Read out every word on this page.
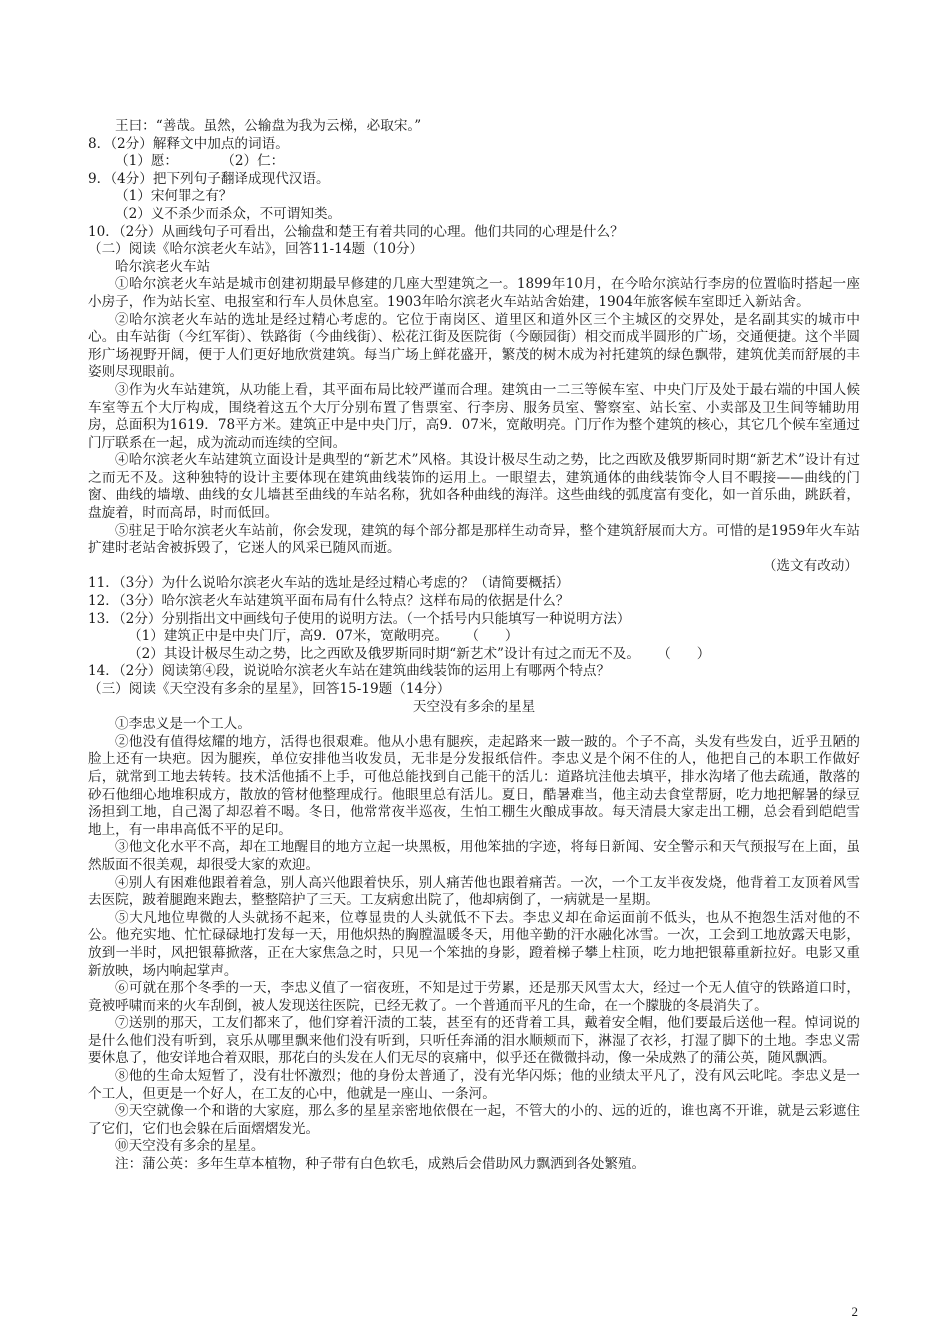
王曰：“善哉。虽然，公输盘为我为云梯，必取宋。”
8．（2分）解释文中加点的词语。
（1）愿：          （2）仁：
9．（4分）把下列句子翻译成现代汉语。
（1）宋何罪之有？
（2）义不杀少而杀众，不可谓知类。
10．（2分）从画线句子可看出，公输盘和楚王有着共同的心理。他们共同的心理是什么？
（二）阅读《哈尔滨老火车站》，回答11-14题（10分）
哈尔滨老火车站
①哈尔滨老火车站是城市创建初期最早修建的几座大型建筑之一。1899年10月，在今哈尔滨站行李房的位置临时搭起一座小房子，作为站长室、电报室和行车人员休息室。1903年哈尔滨老火车站站舍始建，1904年旅客候车室即迁入新站舍。
②哈尔滨老火车站的选址是经过精心考虑的。它位于南岗区、道里区和道外区三个主城区的交界处，是名副其实的城市中心。由车站街（今红军街）、铁路街（今曲线街）、松花江街及医院街（今颐园街）相交而成半圆形的广场，交通便捷。这个半圆形广场视野开阔，便于人们更好地欣赏建筑。每当广场上鲜花盛开，繁茂的树木成为衬托建筑的绿色飘带，建筑优美而舒展的丰姿则尽现眼前。
③作为火车站建筑，从功能上看，其平面布局比较严谨而合理。建筑由一二三等候车室、中央门厅及处于最右端的中国人候车室等五个大厅构成，围绕着这五个大厅分别布置了售票室、行李房、服务员室、警察室、站长室、小卖部及卫生间等辅助用房，总面积为1619．78平方米。建筑正中是中央门厅，高9．07米，宽敞明亮。门厅作为整个建筑的核心，其它几个候车室通过门厅联系在一起，成为流动而连续的空间。
④哈尔滨老火车站建筑立面设计是典型的“新艺术”风格。其设计极尽生动之势，比之西欧及俄罗斯同时期“新艺术”设计有过之而无不及。这种独特的设计主要体现在建筑曲线装饰的运用上。一眼望去，建筑通体的曲线装饰令人目不暇接——曲线的门窗、曲线的墙墩、曲线的女儿墙甚至曲线的车站名称，犹如各种曲线的海洋。这些曲线的弧度富有变化，如一首乐曲，跳跃着，盘旋着，时而高昂，时而低回。
⑤驻足于哈尔滨老火车站前，你会发现，建筑的每个部分都是那样生动奇异，整个建筑舒展而大方。可惜的是1959年火车站扩建时老站舍被拆毁了，它迷人的风采已随风而逝。
（选文有改动）
11．（3分）为什么说哈尔滨老火车站的选址是经过精心考虑的？（请简要概括）
12．（3分）哈尔滨老火车站建筑平面布局有什么特点？这样布局的依据是什么？
13．（2分）分别指出文中画线句子使用的说明方法。（一个括号内只能填写一种说明方法）
（1）建筑正中是中央门厅，高9．07米，宽敞明亮。    （      ）
（2）其设计极尽生动之势，比之西欧及俄罗斯同时期“新艺术”设计有过之而无不及。    （      ）
14．（2分）阅读第④段，说说哈尔滨老火车站在建筑曲线装饰的运用上有哪两个特点？
（三）阅读《天空没有多余的星星》，回答15-19题（14分）
天空没有多余的星星
①李忠义是一个工人。
②他没有值得炫耀的地方，活得也很艰难。他从小患有腿疾，走起路来一跛一跛的。个子不高，头发有些发白，近乎丑陋的脸上还有一块疤。因为腿疾，单位安排他当收发员，无非是分发报纸信件。李忠义是个闲不住的人，他把自己的本职工作做好后，就常到工地去转转。技术活他插不上手，可他总能找到自己能干的活儿：道路坑洼他去填平，排水沟堵了他去疏通，散落的砂石他细心地堆积成方，散放的管材他整理成行。他眼里总有活儿。夏日，酷暑难当，他主动去食堂帮厨，吃力地把解暑的绿豆汤担到工地，自己渴了却忍着不喝。冬日，他常常夜半巡夜，生怕工棚生火酿成事故。每天清晨大家走出工棚，总会看到皑皑雪地上，有一串串高低不平的足印。
③他文化水平不高，却在工地醒目的地方立起一块黑板，用他笨拙的字迹，将每日新闻、安全警示和天气预报写在上面，虽然版面不很美观，却很受大家的欢迎。
④别人有困难他跟着着急，别人高兴他跟着快乐，别人痛苦他也跟着痛苦。一次，一个工友半夜发烧，他背着工友顶着风雪去医院，跛着腿跑来跑去，整整陪护了三天。工友病愈出院了，他却病倒了，一病就是一星期。
⑤大凡地位卑微的人头就扬不起来，位尊显贵的人头就低不下去。李忠义却在命运面前不低头，也从不抱怨生活对他的不公。他充实地、忙忙碌碌地打发每一天，用他炽热的胸膛温暖冬天，用他辛勤的汗水融化冰雪。一次，工会到工地放露天电影，放到一半时，风把银幕掀落，正在大家焦急之时，只见一个笨拙的身影，蹬着梯子攀上柱顶，吃力地把银幕重新拉好。电影又重新放映，场内响起掌声。
⑥可就在那个冬季的一天，李忠义值了一宿夜班，不知是过于劳累，还是那天风雪太大，经过一个无人值守的铁路道口时，竟被呼啸而来的火车刮倒，被人发现送往医院，已经无救了。一个普通而平凡的生命，在一个朦胧的冬晨消失了。
⑦送别的那天，工友们都来了，他们穿着汗渍的工装，甚至有的还背着工具，戴着安全帽，他们要最后送他一程。悼词说的是什么他们没有听到，哀乐从哪里飘来他们没有听到，只听任奔涌的泪水顺颊而下，淋湿了衣衫，打湿了脚下的土地。李忠义需要休息了，他安详地合着双眼，那花白的头发在人们无尽的哀痛中，似乎还在微微抖动，像一朵成熟了的蒲公英，随风飘洒。
⑧他的生命太短暂了，没有壮怀激烈；他的身份太普通了，没有光华闪烁；他的业绩太平凡了，没有风云叱咤。李忠义是一个工人，但更是一个好人，在工友的心中，他就是一座山、一条河。
⑨天空就像一个和谐的大家庭，那么多的星星亲密地依偎在一起，不管大的小的、远的近的，谁也离不开谁，就是云彩遮住了它们，它们也会躲在后面熠熠发光。
⑩天空没有多余的星星。
注：蒲公英：多年生草本植物，种子带有白色软毛，成熟后会借助风力飘洒到各处繁殖。
2
